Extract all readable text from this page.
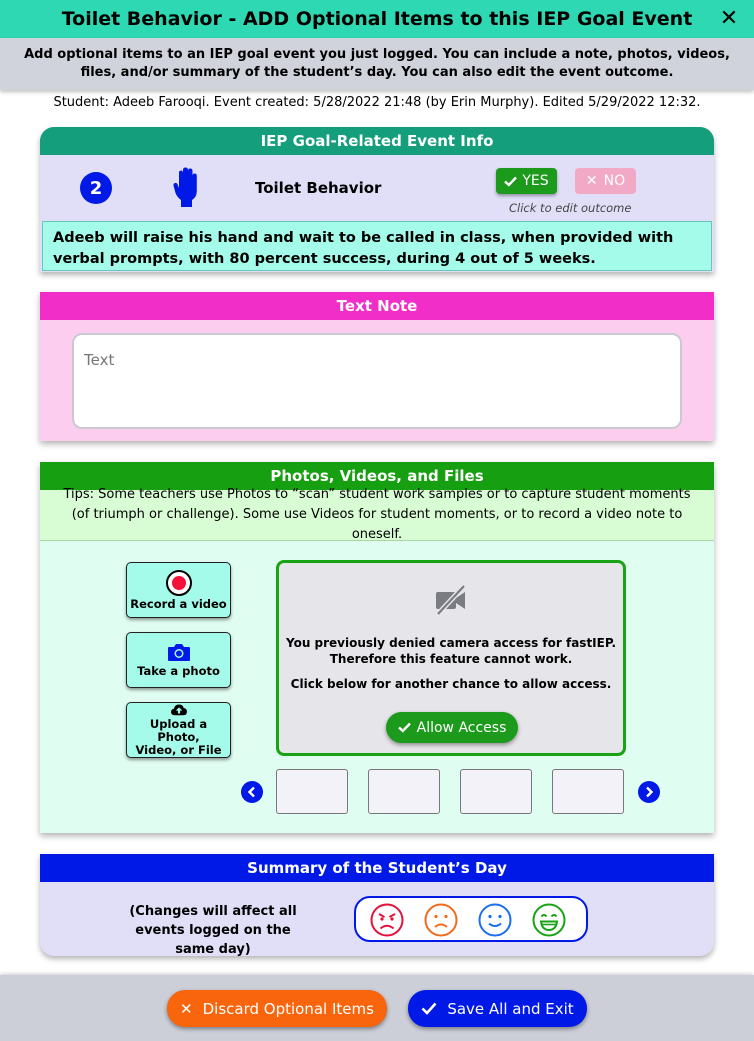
Toilet Behavior - ADD Optional Items to this IEP Goal Event ✕
Add optional items to an IEP goal event you just logged. You can include a note, photos, videos, files, and/or summary of the student’s day. You can also edit the event outcome.
Student: Adeeb Farooqi. Event created: 5/28/2022 21:48 (by Erin Murphy). Edited 5/29/2022 12:32.
IEP Goal-Related Event Info
2	Toilet Behavior	YES	✕ NO
Click to edit outcome
Adeeb will raise his hand and wait to be called in class, when provided with verbal prompts, with 80 percent success, during 4 out of 5 weeks.
Text Note
Text
Photos, Videos, and Files
Tips: Some teachers use Photos to “scan” student work samples or to capture student moments (of triumph or challenge). Some use Videos for student moments, or to record a video note to oneself.
Record a video
Take a photo
Upload a Photo,
Video, or File
You previously denied camera access for fastIEP.
Therefore this feature cannot work.
Click below for another chance to allow access.
Allow Access
Summary of the Student’s Day
(Changes will affect all events logged on the same day)
✕ Discard Optional Items	Save All and Exit
